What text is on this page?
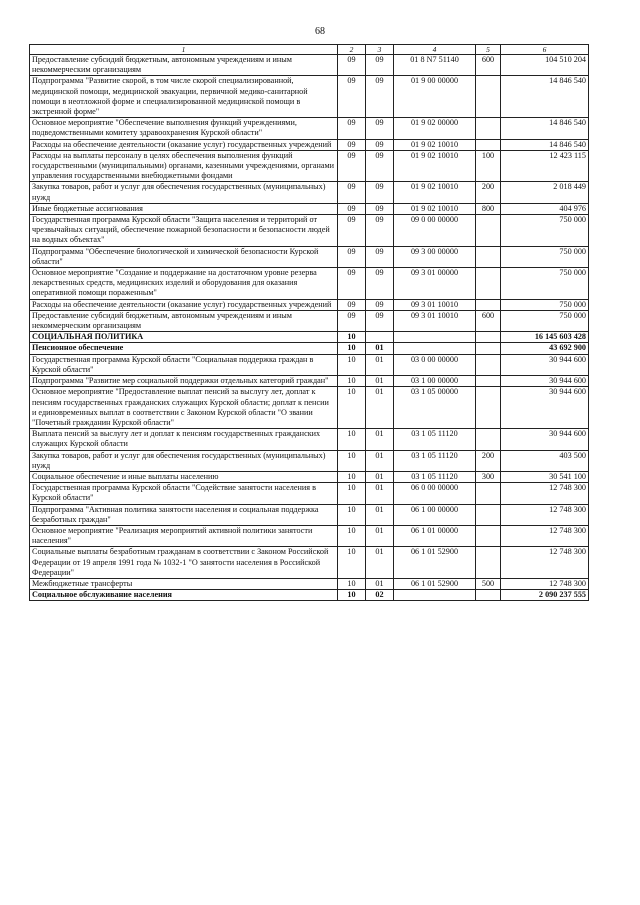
68
1	2	3	4	5	6
Предоставление субсидий бюджетным, автономным учреждениям и иным некоммерческим организациям	09	09	01 8 N7 51140	600	104 510 204
Подпрограмма "Развитие скорой, в том числе скорой специализированной, медицинской помощи, медицинской эвакуации, первичной медико-санитарной помощи в неотложной форме и специализированной медицинской помощи в экстренной форме"	09	09	01 9 00 00000		14 846 540
Основное мероприятие "Обеспечение выполнения функций учреждениями, подведомственными комитету здравоохранения Курской области"	09	09	01 9 02 00000		14 846 540
Расходы на обеспечение деятельности (оказание услуг) государственных учреждений	09	09	01 9 02 10010		14 846 540
Расходы на выплаты персоналу в целях обеспечения выполнения функций государственными (муниципальными) органами, казенными учреждениями, органами управления государственными внебюджетными фондами	09	09	01 9 02 10010	100	12 423 115
Закупка товаров, работ и услуг для обеспечения государственных (муниципальных) нужд	09	09	01 9 02 10010	200	2 018 449
Иные бюджетные ассигнования	09	09	01 9 02 10010	800	404 976
Государственная программа Курской области "Защита населения и территорий от чрезвычайных ситуаций, обеспечение пожарной безопасности и безопасности людей на водных объектах"	09	09	09 0 00 00000		750 000
Подпрограмма "Обеспечение биологической и химической безопасности Курской области"	09	09	09 3 00 00000		750 000
Основное мероприятие "Создание и поддержание на достаточном уровне резерва лекарственных средств, медицинских изделий и оборудования для оказания оперативной помощи пораженным"	09	09	09 3 01 00000		750 000
Расходы на обеспечение деятельности (оказание услуг) государственных учреждений	09	09	09 3 01 10010		750 000
Предоставление субсидий бюджетным, автономным учреждениям и иным некоммерческим организациям	09	09	09 3 01 10010	600	750 000
СОЦИАЛЬНАЯ ПОЛИТИКА	10				16 145 603 428
Пенсионное обеспечение	10	01			43 692 900
Государственная программа Курской области "Социальная поддержка граждан в Курской области"	10	01	03 0 00 00000		30 944 600
Подпрограмма "Развитие мер социальной поддержки отдельных категорий граждан"	10	01	03 1 00 00000		30 944 600
Основное мероприятие "Предоставление выплат пенсий за выслугу лет, доплат к пенсиям государственных гражданских служащих Курской области; доплат к пенсии и единовременных выплат в соответствии с Законом Курской области "О звании "Почетный гражданин Курской области"	10	01	03 1 05 00000		30 944 600
Выплата пенсий за выслугу лет и доплат к пенсиям государственных гражданских служащих Курской области	10	01	03 1 05 11120		30 944 600
Закупка товаров, работ и услуг для обеспечения государственных (муниципальных) нужд	10	01	03 1 05 11120	200	403 500
Социальное обеспечение и иные выплаты населению	10	01	03 1 05 11120	300	30 541 100
Государственная программа Курской области "Содействие занятости населения в Курской области"	10	01	06 0 00 00000		12 748 300
Подпрограмма "Активная политика занятости населения и социальная поддержка безработных граждан"	10	01	06 1 00 00000		12 748 300
Основное мероприятие "Реализация мероприятий активной политики занятости населения"	10	01	06 1 01 00000		12 748 300
Социальные выплаты безработным гражданам в соответствии с Законом Российской Федерации от 19 апреля 1991 года № 1032-1 "О занятости населения в Российской Федерации"	10	01	06 1 01 52900		12 748 300
Межбюджетные трансферты	10	01	06 1 01 52900	500	12 748 300
Социальное обслуживание населения	10	02			2 090 237 555
